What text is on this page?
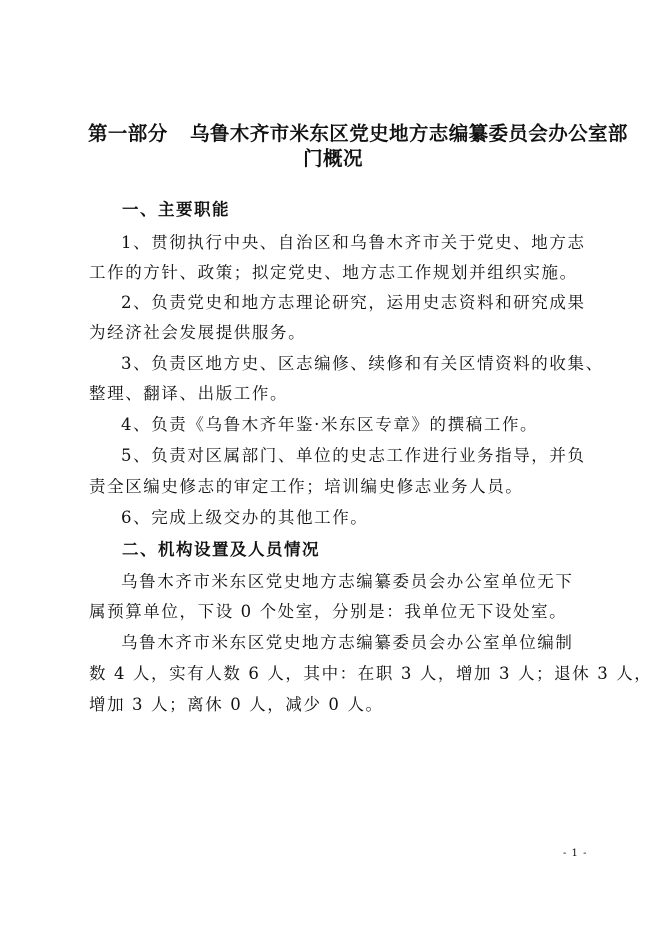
第一部分 乌鲁木齐市米东区党史地方志编纂委员会办公室部
门概况
一、主要职能
1、贯彻执行中央、自治区和乌鲁木齐市关于党史、地方志
工作的方针、政策；拟定党史、地方志工作规划并组织实施。
2、负责党史和地方志理论研究，运用史志资料和研究成果
为经济社会发展提供服务。
3、负责区地方史、区志编修、续修和有关区情资料的收集、
整理、翻译、出版工作。
4、负责《乌鲁木齐年鉴·米东区专章》的撰稿工作。
5、负责对区属部门、单位的史志工作进行业务指导，并负
责全区编史修志的审定工作；培训编史修志业务人员。
6、完成上级交办的其他工作。
二、机构设置及人员情况
乌鲁木齐市米东区党史地方志编纂委员会办公室单位无下
属预算单位，下设 0 个处室，分别是：我单位无下设处室。
乌鲁木齐市米东区党史地方志编纂委员会办公室单位编制
数 4 人，实有人数 6 人，其中：在职 3 人，增加 3 人；退休 3 人，
增加 3 人；离休 0 人，减少 0 人。
- 1 -
